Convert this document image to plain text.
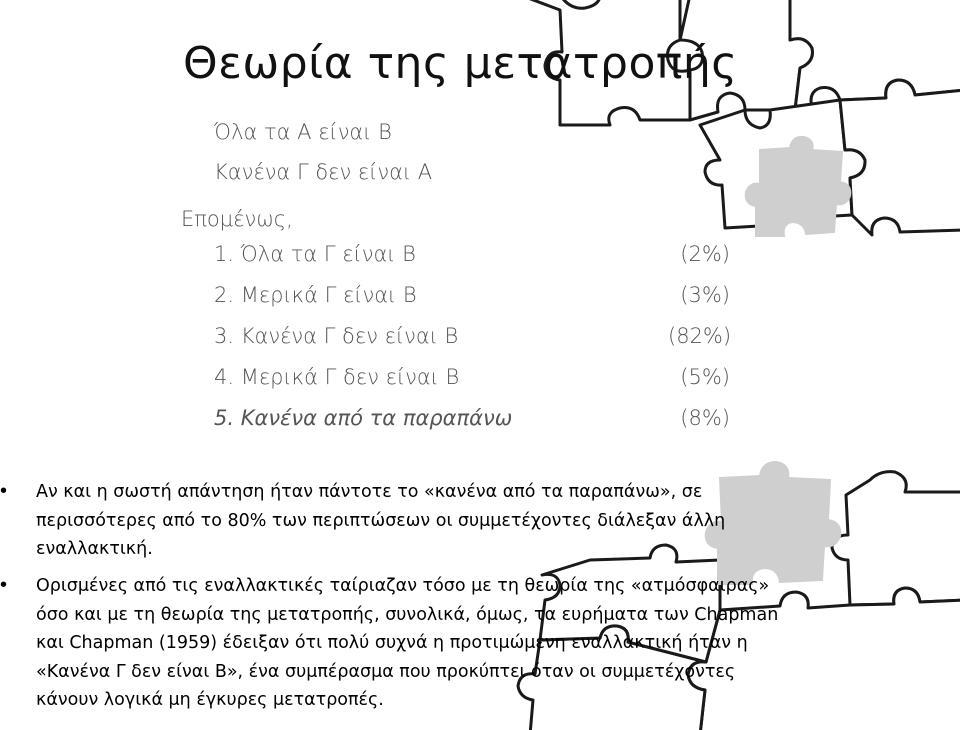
Θεωρία της μετατροπής
Όλα τα Α είναι Β
Κανένα Γ δεν είναι Α
Επομένως,
1. Όλα τα Γ είναι Β	(2%)
2. Μερικά Γ είναι Β	(3%)
3. Κανένα Γ δεν είναι Β	(82%)
4. Μερικά Γ δεν είναι Β	(5%)
5. Κανένα από τα παραπάνω	(8%)
• Αν και η σωστή απάντηση ήταν πάντοτε το «κανένα από τα παραπάνω», σε
περισσότερες από το 80% των περιπτώσεων οι συμμετέχοντες διάλεξαν άλλη
εναλλακτική.
• Ορισμένες από τις εναλλακτικές ταίριαζαν τόσο με τη θεωρία της «ατμόσφαιρας»
όσο και με τη θεωρία της μετατροπής, συνολικά, όμως, τα ευρήματα των Chapman
και Chapman (1959) έδειξαν ότι πολύ συχνά η προτιμώμενη εναλλακτική ήταν η
«Κανένα Γ δεν είναι Β», ένα συμπέρασμα που προκύπτει όταν οι συμμετέχοντες
κάνουν λογικά μη έγκυρες μετατροπές.
